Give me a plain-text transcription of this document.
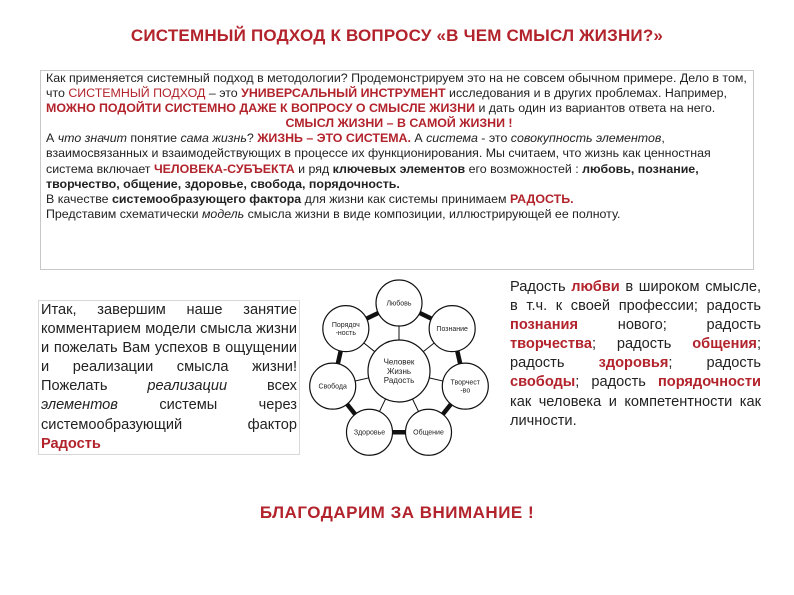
СИСТЕМНЫЙ ПОДХОД К ВОПРОСУ «В ЧЕМ СМЫСЛ ЖИЗНИ?»

Как применяется системный подход в методологии? Продемонстрируем это на не совсем обычном примере. Дело в том, что СИСТЕМНЫЙ ПОДХОД – это УНИВЕРСАЛЬНЫЙ ИНСТРУМЕНТ исследования и в других проблемах. Например, МОЖНО ПОДОЙТИ СИСТЕМНО ДАЖЕ К ВОПРОСУ О СМЫСЛЕ ЖИЗНИ и дать один из вариантов ответа на него.

СМЫСЛ ЖИЗНИ – В САМОЙ ЖИЗНИ !

А что значит понятие сама жизнь? ЖИЗНЬ – ЭТО СИСТЕМА. А система - это совокупность элементов, взаимосвязанных и взаимодействующих в процессе их функционирования. Мы считаем, что жизнь как ценностная система включает ЧЕЛОВЕКА-СУБЪЕКТА и ряд ключевых элементов его возможностей : любовь, познание, творчество, общение, здоровье, свобода, порядочность.

В качестве системообразующего фактора для жизни как системы принимаем РАДОСТЬ.

Представим схематически модель смысла жизни в виде композиции, иллюстрирующей ее полноту.

Итак, завершим наше занятие комментарием модели смысла жизни и пожелать Вам успехов в ощущении и реализации смысла жизни! Пожелать реализации всех элементов системы через системообразующий фактор Радость
Человек Жизнь Радость
Любовь
Познание
Творчест -во
Общение
Здоровье
Свобода
Порядоч -ность
Радость любви в широком смысле, в т.ч. к своей профессии; радость познания нового; радость творчества; радость общения; радость здоровья; радость свободы; радость порядочности как человека и компетентности как личности.
БЛАГОДАРИМ ЗА ВНИМАНИЕ !
